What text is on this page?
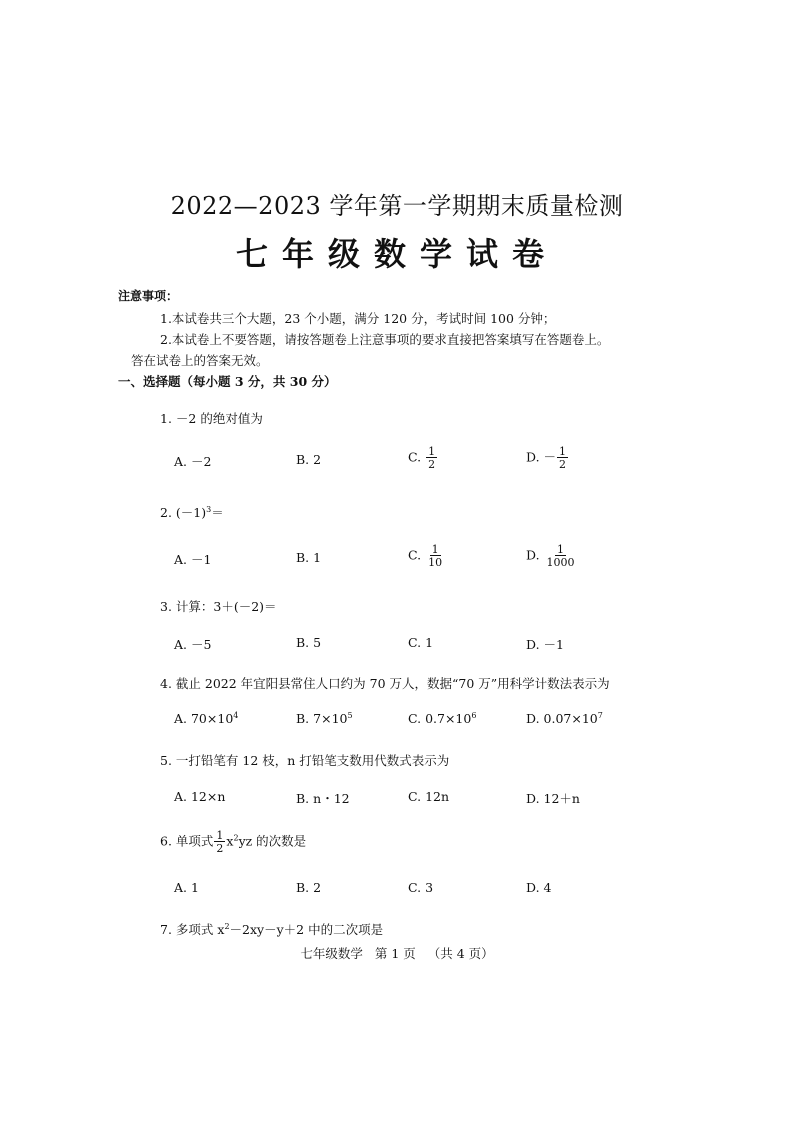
2022—2023 学年第一学期期末质量检测
七年级数学试卷
注意事项：
1.本试卷共三个大题，23 个小题，满分 120 分，考试时间 100 分钟；
2.本试卷上不要答题，请按答题卷上注意事项的要求直接把答案填写在答题卷上。
答在试卷上的答案无效。
一、选择题（每小题 3 分，共 30 分）
1. －2 的绝对值为
A. －2	B. 2	C. $\frac{1}{2}$	D. － $\frac{1}{2}$
2. $(-1)^3=$
A. －1	B. 1	C. $\frac{1}{10}$	D. $\frac{1}{1000}$
3. 计算：3＋(－2)＝
A. －5	B. 5	C. 1	D. －1
4. 截止 2022 年宜阳县常住人口约为 70 万人，数据“70 万”用科学计数法表示为
A. $70\times 10^4$	B. $7\times 10^5$	C. $0.7\times 10^6$	D. $0.07\times 10^7$
5. 一打铅笔有 12 枝，n 打铅笔支数用代数式表示为
A. 12×n	B. n・12	C. 12n	D. 12＋n
6. 单项式 $\frac{1}{2} x^2yz$ 的次数是
A. 1	B. 2	C. 3	D. 4
7. 多项式 $x^2-2xy-y+2$ 中的二次项是
七年级数学 第 1 页 （共 4 页）
